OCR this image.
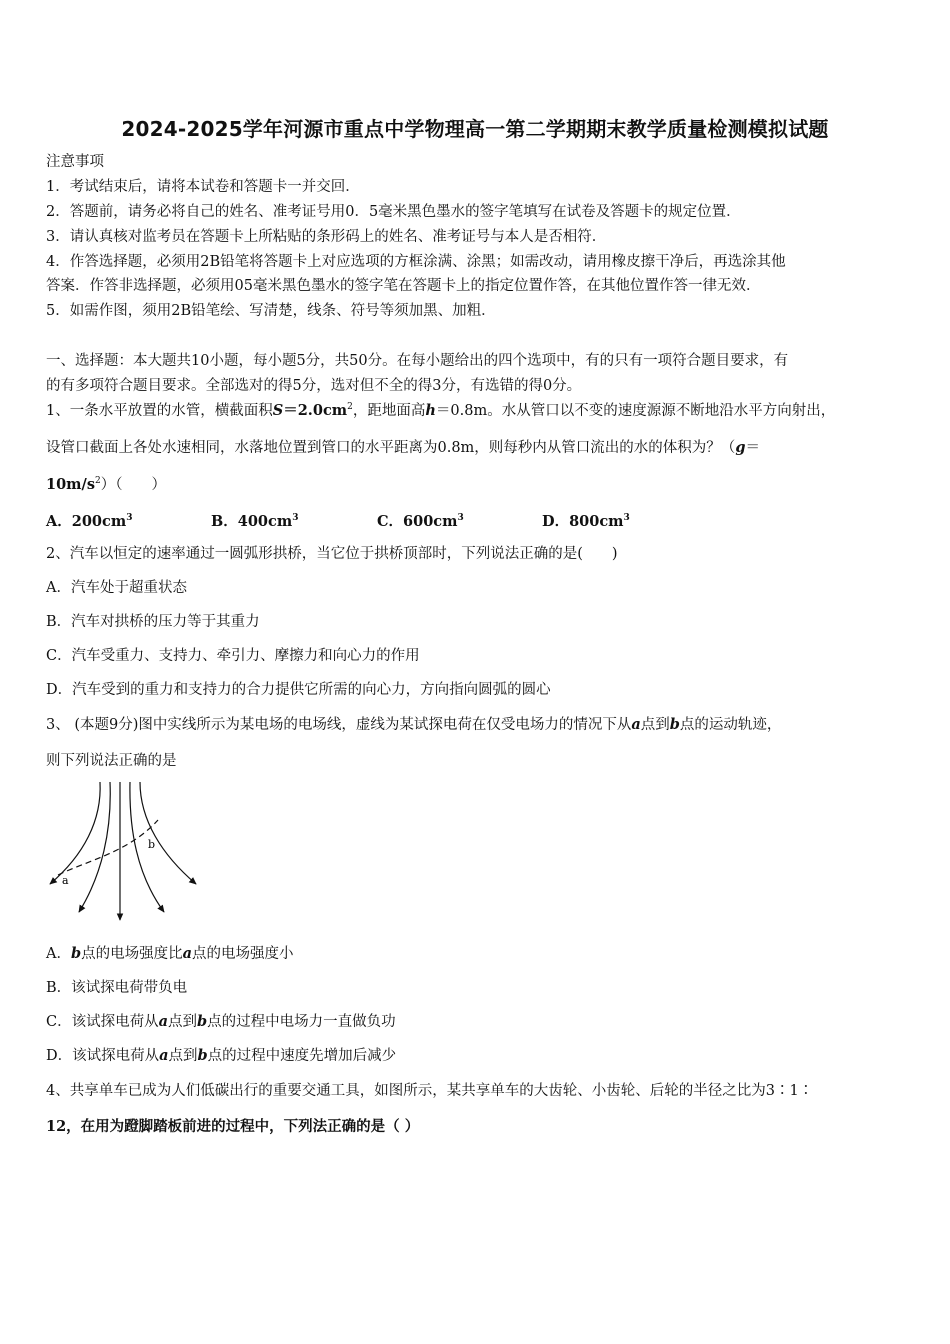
2024-2025学年河源市重点中学物理高一第二学期期末教学质量检测模拟试题
注意事项
1．考试结束后，请将本试卷和答题卡一并交回．
2．答题前，请务必将自己的姓名、准考证号用0．5毫米黑色墨水的签字笔填写在试卷及答题卡的规定位置．
3．请认真核对监考员在答题卡上所粘贴的条形码上的姓名、准考证号与本人是否相符．
4．作答选择题，必须用2B铅笔将答题卡上对应选项的方框涂满、涂黑；如需改动，请用橡皮擦干净后，再选涂其他
答案．作答非选择题，必须用05毫米黑色墨水的签字笔在答题卡上的指定位置作答，在其他位置作答一律无效．
5．如需作图，须用2B铅笔绘、写清楚，线条、符号等须加黑、加粗．
一、选择题：本大题共10小题，每小题5分，共50分。在每小题给出的四个选项中，有的只有一项符合题目要求，有
的有多项符合题目要求。全部选对的得5分，选对但不全的得3分，有选错的得0分。
1、一条水平放置的水管，横截面积$S=2.0cm^2$，距地面高h＝0.8m。水从管口以不变的速度源源不断地沿水平方向射出，
设管口截面上各处水速相同，水落地位置到管口的水平距离为0.8m，则每秒内从管口流出的水的体积为？（g＝
$10m/s^2$）（　　）
A．$200cm^3$	B．$400cm^3$	C．$600cm^3$	D．$800cm^3$
2、汽车以恒定的速率通过一圆弧形拱桥，当它位于拱桥顶部时，下列说法正确的是(　　)
A．汽车处于超重状态
B．汽车对拱桥的压力等于其重力
C．汽车受重力、支持力、牵引力、摩擦力和向心力的作用
D．汽车受到的重力和支持力的合力提供它所需的向心力，方向指向圆弧的圆心
3、 (本题9分)图中实线所示为某电场的电场线，虚线为某试探电荷在仅受电场力的情况下从a点到b点的运动轨迹，
则下列说法正确的是
a
b
A．b点的电场强度比a点的电场强度小
B．该试探电荷带负电
C．该试探电荷从a点到b点的过程中电场力一直做负功
D．该试探电荷从a点到b点的过程中速度先增加后减少
4、共享单车已成为人们低碳出行的重要交通工具，如图所示，某共享单车的大齿轮、小齿轮、后轮的半径之比为3∶1∶
12，在用为蹬脚踏板前进的过程中，下列法正确的是（ ）
